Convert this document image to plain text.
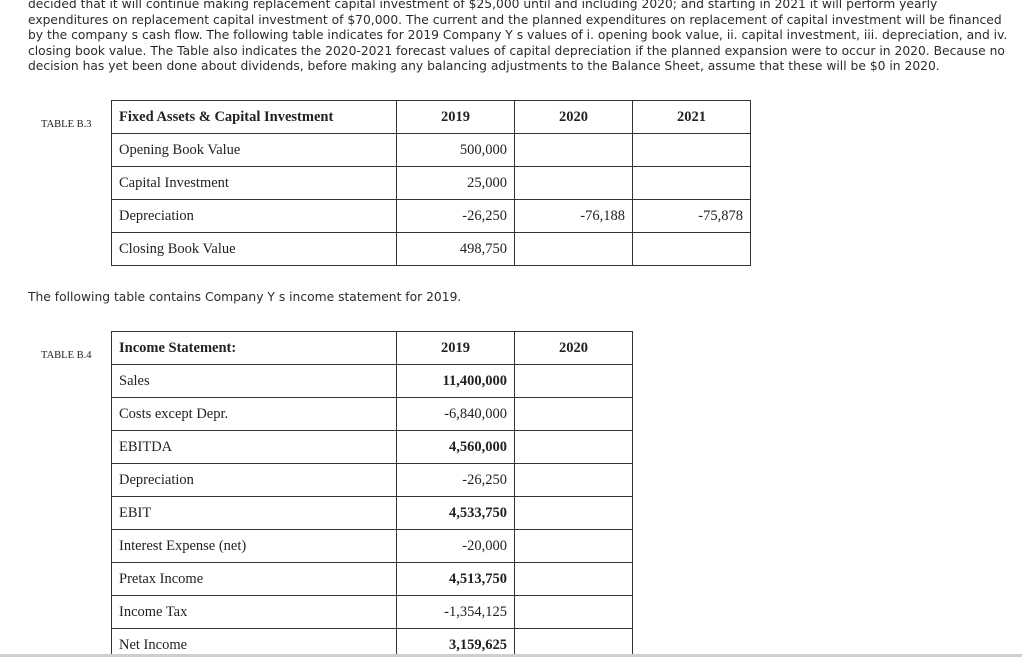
decided that it will continue making replacement capital investment of $25,000 until and including 2020; and starting in 2021 it will perform yearly expenditures on replacement capital investment of $70,000. The current and the planned expenditures on replacement of capital investment will be financed by the company s cash flow. The following table indicates for 2019 Company Y s values of i. opening book value, ii. capital investment, iii. depreciation, and iv. closing book value. The Table also indicates the 2020-2021 forecast values of capital depreciation if the planned expansion were to occur in 2020. Because no decision has yet been done about dividends, before making any balancing adjustments to the Balance Sheet, assume that these will be $0 in 2020.

TABLE B.3 Fixed Assets & Capital Investment	2019	2020	2021
Opening Book Value	500,000		
Capital Investment	25,000		
Depreciation	-26,250	-76,188	-75,878
Closing Book Value	498,750		

The following table contains Company Y s income statement for 2019.

TABLE B.4 Income Statement:	2019	2020
Sales	11,400,000	
Costs except Depr.	-6,840,000	
EBITDA	4,560,000	
Depreciation	-26,250	
EBIT	4,533,750	
Interest Expense (net)	-20,000	
Pretax Income	4,513,750	
Income Tax	-1,354,125	
Net Income	3,159,625	
